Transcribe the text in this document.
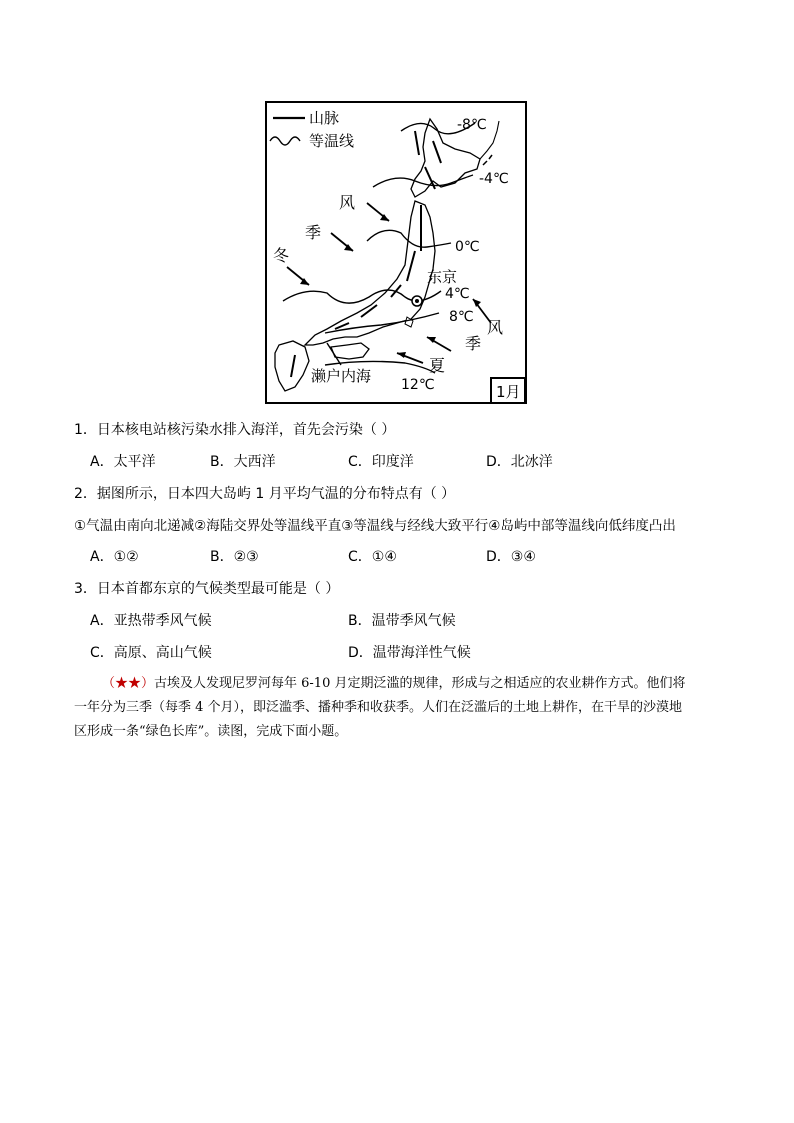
山脉
等温线
风
季
冬
风
季
夏
-8℃
-4℃
0℃
4℃
8℃
12℃
东京
濑户内海
1月
1．日本核电站核污染水排入海洋，首先会污染（ ）
A．太平洋	B．大西洋	C．印度洋	D．北冰洋
2．据图所示，日本四大岛屿 1 月平均气温的分布特点有（ ）
①气温由南向北递减②海陆交界处等温线平直③等温线与经线大致平行④岛屿中部等温线向低纬度凸出
A．①②	B．②③	C．①④	D．③④
3．日本首都东京的气候类型最可能是（ ）
A．亚热带季风气候	B．温带季风气候
C．高原、高山气候	D．温带海洋性气候

（★★）古埃及人发现尼罗河每年 6-10 月定期泛滥的规律，形成与之相适应的农业耕作方式。他们将

一年分为三季（每季 4 个月），即泛滥季、播种季和收获季。人们在泛滥后的土地上耕作，在干旱的沙漠地

区形成一条“绿色长库”。读图，完成下面小题。
